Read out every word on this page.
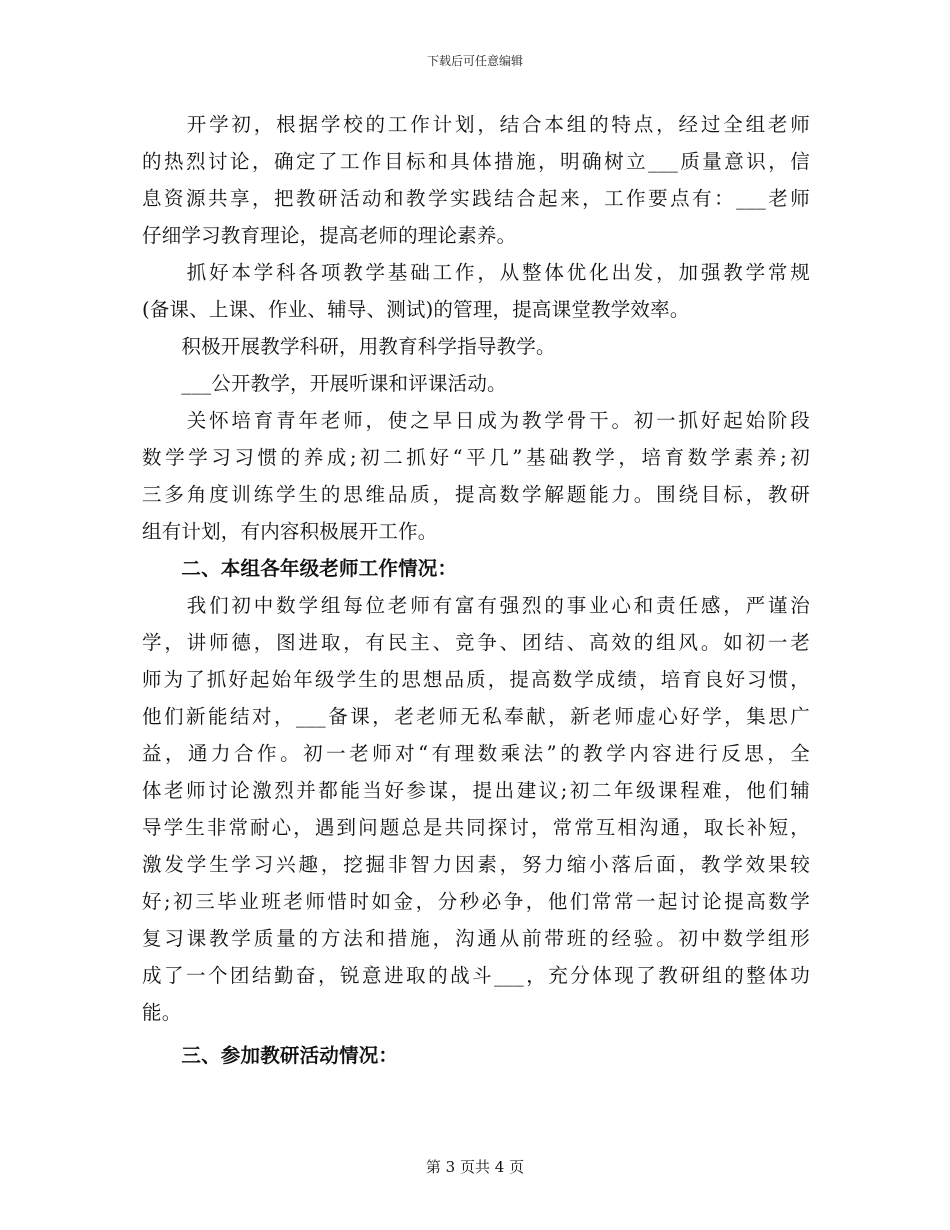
下载后可任意编辑
　　开学初，根据学校的工作计划，结合本组的特点，经过全组老师
的热烈讨论，确定了工作目标和具体措施，明确树立___质量意识，信
息资源共享，把教研活动和教学实践结合起来，工作要点有：___老师
仔细学习教育理论，提高老师的理论素养。
　　抓好本学科各项教学基础工作，从整体优化出发，加强教学常规
(备课、上课、作业、辅导、测试)的管理，提高课堂教学效率。
　　积极开展教学科研，用教育科学指导教学。
　　___公开教学，开展听课和评课活动。
　　关怀培育青年老师，使之早日成为教学骨干。初一抓好起始阶段
数学学习习惯的养成;初二抓好“平几”基础教学，培育数学素养;初
三多角度训练学生的思维品质，提高数学解题能力。围绕目标，教研
组有计划，有内容积极展开工作。
　　二、本组各年级老师工作情况：
　　我们初中数学组每位老师有富有强烈的事业心和责任感，严谨治
学，讲师德，图进取，有民主、竞争、团结、高效的组风。如初一老
师为了抓好起始年级学生的思想品质，提高数学成绩，培育良好习惯，
他们新能结对，___备课，老老师无私奉献，新老师虚心好学，集思广
益，通力合作。初一老师对“有理数乘法”的教学内容进行反思，全
体老师讨论激烈并都能当好参谋，提出建议;初二年级课程难，他们辅
导学生非常耐心，遇到问题总是共同探讨，常常互相沟通，取长补短，
激发学生学习兴趣，挖掘非智力因素，努力缩小落后面，教学效果较
好;初三毕业班老师惜时如金，分秒必争，他们常常一起讨论提高数学
复习课教学质量的方法和措施，沟通从前带班的经验。初中数学组形
成了一个团结勤奋，锐意进取的战斗___，充分体现了教研组的整体功
能。
　　三、参加教研活动情况：
第 3 页共 4 页
